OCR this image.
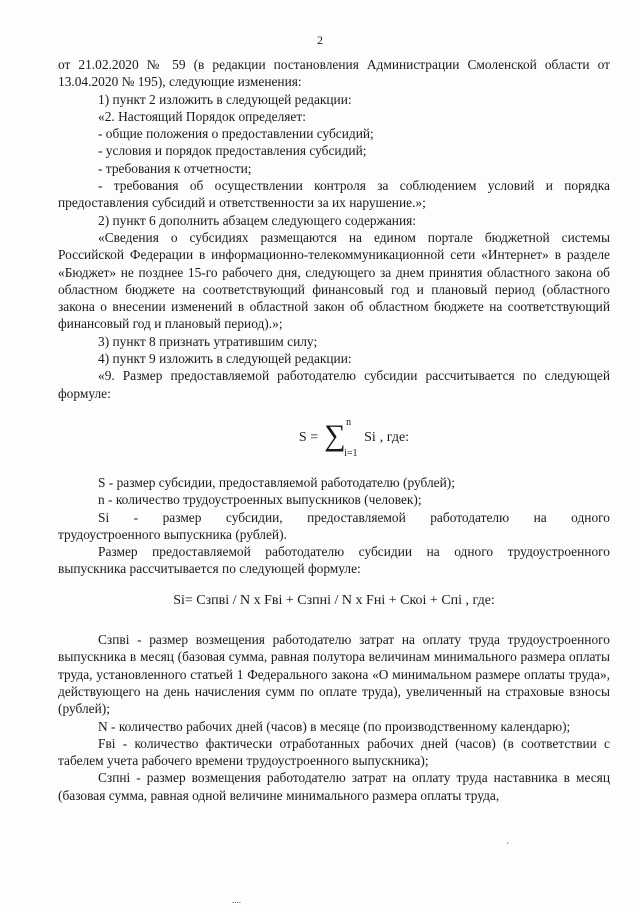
2

от 21.02.2020 № 59 (в редакции постановления Администрации Смоленской области от 13.04.2020 № 195), следующие изменения:

1) пункт 2 изложить в следующей редакции:

«2. Настоящий Порядок определяет:

- общие положения о предоставлении субсидий;

- условия и порядок предоставления субсидий;

- требования к отчетности;

- требования об осуществлении контроля за соблюдением условий и порядка предоставления субсидий и ответственности за их нарушение.»;

2) пункт 6 дополнить абзацем следующего содержания:

«Сведения о субсидиях размещаются на едином портале бюджетной системы Российской Федерации в информационно-телекоммуникационной сети «Интернет» в разделе «Бюджет» не позднее 15-го рабочего дня, следующего за днем принятия областного закона об областном бюджете на соответствующий финансовый год и плановый период (областного закона о внесении изменений в областной закон об областном бюджете на соответствующий финансовый год и плановый период).»;

3) пункт 8 признать утратившим силу;

4) пункт 9 изложить в следующей редакции:

«9. Размер предоставляемой работодателю субсидии рассчитывается по следующей формуле:

S = ∑ n
i=1
Si , где:

S - размер субсидии, предоставляемой работодателю (рублей);

n - количество трудоустроенных выпускников (человек);

Si - размер субсидии, предоставляемой работодателю на одного

трудоустроенного выпускника (рублей).

Размер предоставляемой работодателю субсидии на одного трудоустроенного выпускника рассчитывается по следующей формуле:

Si= Сзпві / N x Fві + Сзпні / N x Fні + Скоі + Спі , где:

Сзпві - размер возмещения работодателю затрат на оплату труда трудоустроенного выпускника в месяц (базовая сумма, равная полутора величинам минимального размера оплаты труда, установленного статьей 1 Федерального закона «О минимальном размере оплаты труда», действующего на день начисления сумм по оплате труда), увеличенный на страховые взносы (рублей);

N - количество рабочих дней (часов) в месяце (по производственному календарю);

Fві - количество фактически отработанных рабочих дней (часов) (в соответствии с табелем учета рабочего времени трудоустроенного выпускника);

Сзпні - размер возмещения работодателю затрат на оплату труда наставника в месяц (базовая сумма, равная одной величине минимального размера оплаты труда,

´
....
